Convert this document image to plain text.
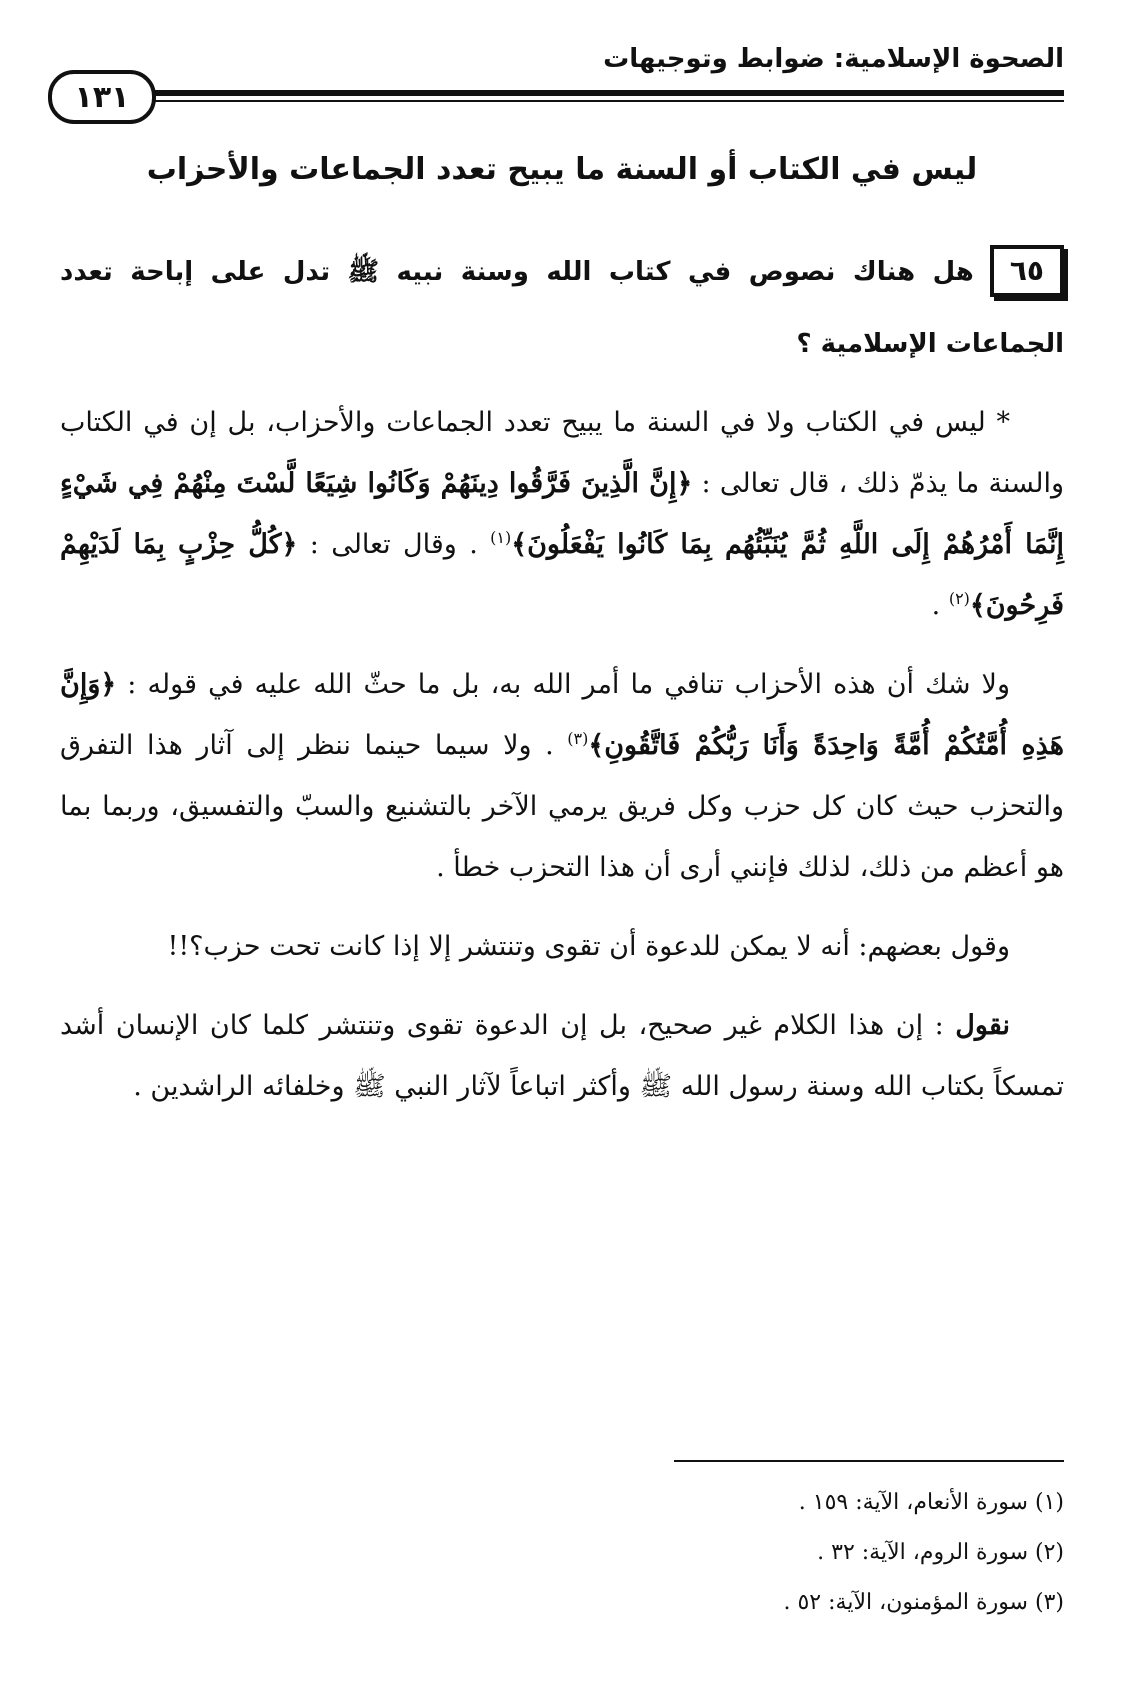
الصحوة الإسلامية: ضوابط وتوجيهات
١٣١
ليس في الكتاب أو السنة ما يبيح تعدد الجماعات والأحزاب
٦٥هل هناك نصوص في كتاب الله وسنة نبيه ﷺ تدل على إباحة تعدد الجماعات الإسلامية ؟

* ليس في الكتاب ولا في السنة ما يبيح تعدد الجماعات والأحزاب، بل إن في الكتاب والسنة ما يذمّ ذلك ، قال تعالى : ﴿إِنَّ الَّذِينَ فَرَّقُوا دِينَهُمْ وَكَانُوا شِيَعًا لَّسْتَ مِنْهُمْ فِي شَيْءٍ إِنَّمَا أَمْرُهُمْ إِلَى اللَّهِ ثُمَّ يُنَبِّئُهُم بِمَا كَانُوا يَفْعَلُونَ﴾$^{(١)}$ . وقال تعالى : ﴿كُلُّ حِزْبٍ بِمَا لَدَيْهِمْ فَرِحُونَ﴾$^{(٢)}$ .

ولا شك أن هذه الأحزاب تنافي ما أمر الله به، بل ما حثّ الله عليه في قوله : ﴿وَإِنَّ هَذِهِ أُمَّتُكُمْ أُمَّةً وَاحِدَةً وَأَنَا رَبُّكُمْ فَاتَّقُونِ﴾$^{(٣)}$ . ولا سيما حينما ننظر إلى آثار هذا التفرق والتحزب حيث كان كل حزب وكل فريق يرمي الآخر بالتشنيع والسبّ والتفسيق، وربما بما هو أعظم من ذلك، لذلك فإنني أرى أن هذا التحزب خطأ .

وقول بعضهم: أنه لا يمكن للدعوة أن تقوى وتنتشر إلا إذا كانت تحت حزب؟!!

نقول : إن هذا الكلام غير صحيح، بل إن الدعوة تقوى وتنتشر كلما كان الإنسان أشد تمسكاً بكتاب الله وسنة رسول الله ﷺ وأكثر اتباعاً لآثار النبي ﷺ وخلفائه الراشدين .

(١) سورة الأنعام، الآية: ١٥٩ .
(٢) سورة الروم، الآية: ٣٢ .
(٣) سورة المؤمنون، الآية: ٥٢ .
